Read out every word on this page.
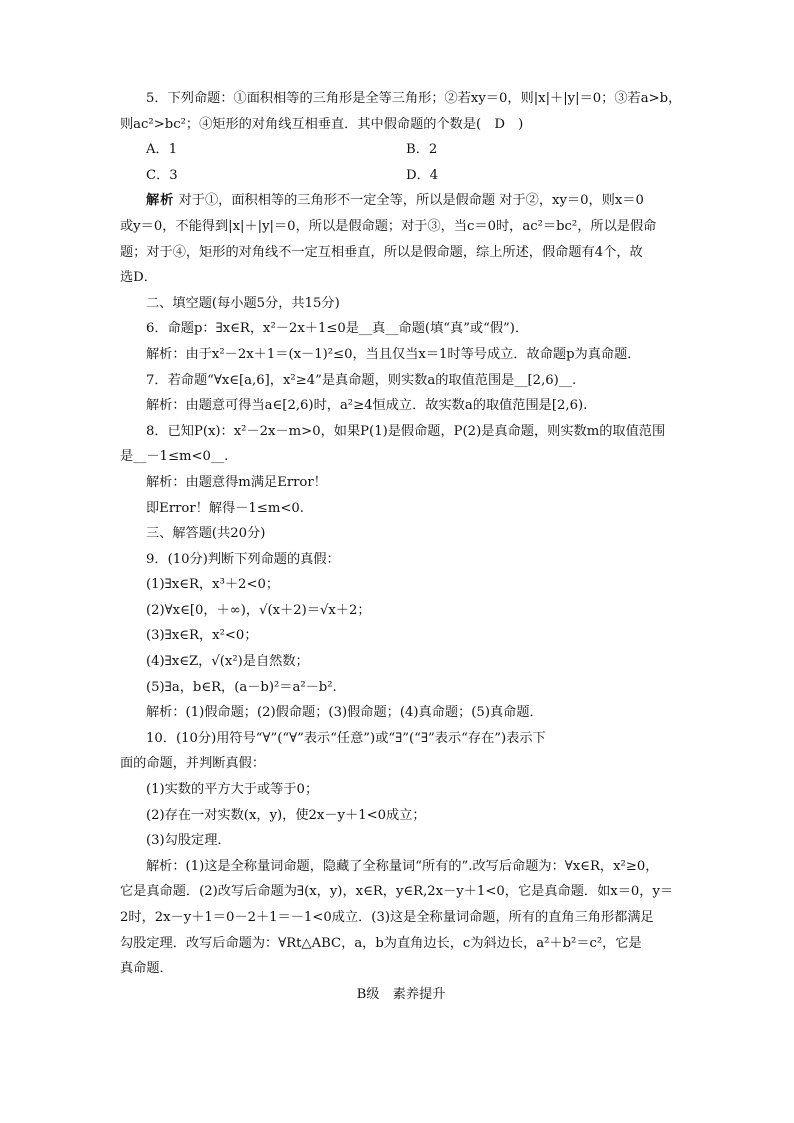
5．下列命题：①面积相等的三角形是全等三角形；②若xy＝0，则|x|＋|y|＝0；③若a>b，
则ac²>bc²；④矩形的对角线互相垂直．其中假命题的个数是(　D　)
A．1	B．2
C．3	D．4
解析 对于①，面积相等的三角形不一定全等，所以是假命题 对于②，xy＝0，则x＝0
或y＝0，不能得到|x|＋|y|＝0，所以是假命题；对于③，当c＝0时，ac²＝bc²，所以是假命
题；对于④，矩形的对角线不一定互相垂直，所以是假命题，综上所述，假命题有4个，故
选D．
二、填空题(每小题5分，共15分)
6．命题p：∃x∈R，x²－2x＋1≤0是__真__命题(填“真”或“假”)．
解析：由于x²－2x＋1＝(x－1)²≤0，当且仅当x＝1时等号成立．故命题p为真命题．
7．若命题“∀x∈[a,6]，x²≥4”是真命题，则实数a的取值范围是__[2,6)__.
解析：由题意可得当a∈[2,6)时，a²≥4恒成立．故实数a的取值范围是[2,6).
8．已知P(x)：x²－2x－m>0，如果P(1)是假命题，P(2)是真命题，则实数m的取值范围
是__－1≤m<0__.
解析：由题意得m满足Error！
即Error！解得－1≤m<0.
三、解答题(共20分)
9．(10分)判断下列命题的真假：
(1)∃x∈R，x³＋2<0；
(2)∀x∈[0，＋∞)，√(x＋2)＝√x＋2；
(3)∃x∈R，x²<0；
(4)∃x∈Z，√(x²)是自然数；
(5)∃a，b∈R，(a－b)²＝a²－b².
解析：(1)假命题；(2)假命题；(3)假命题；(4)真命题；(5)真命题．
10．(10分)用符号“∀”(“∀”表示“任意”)或“∃”(“∃”表示“存在”)表示下
面的命题，并判断真假：
(1)实数的平方大于或等于0；
(2)存在一对实数(x，y)，使2x－y＋1<0成立；
(3)勾股定理．
解析：(1)这是全称量词命题，隐藏了全称量词“所有的”.改写后命题为：∀x∈R，x²≥0，
它是真命题．(2)改写后命题为∃(x，y)，x∈R，y∈R,2x－y＋1<0，它是真命题．如x＝0，y＝
2时，2x－y＋1＝0－2＋1＝－1<0成立．(3)这是全称量词命题，所有的直角三角形都满足
勾股定理．改写后命题为：∀Rt△ABC，a，b为直角边长，c为斜边长，a²＋b²＝c²，它是
真命题．
B级　素养提升
